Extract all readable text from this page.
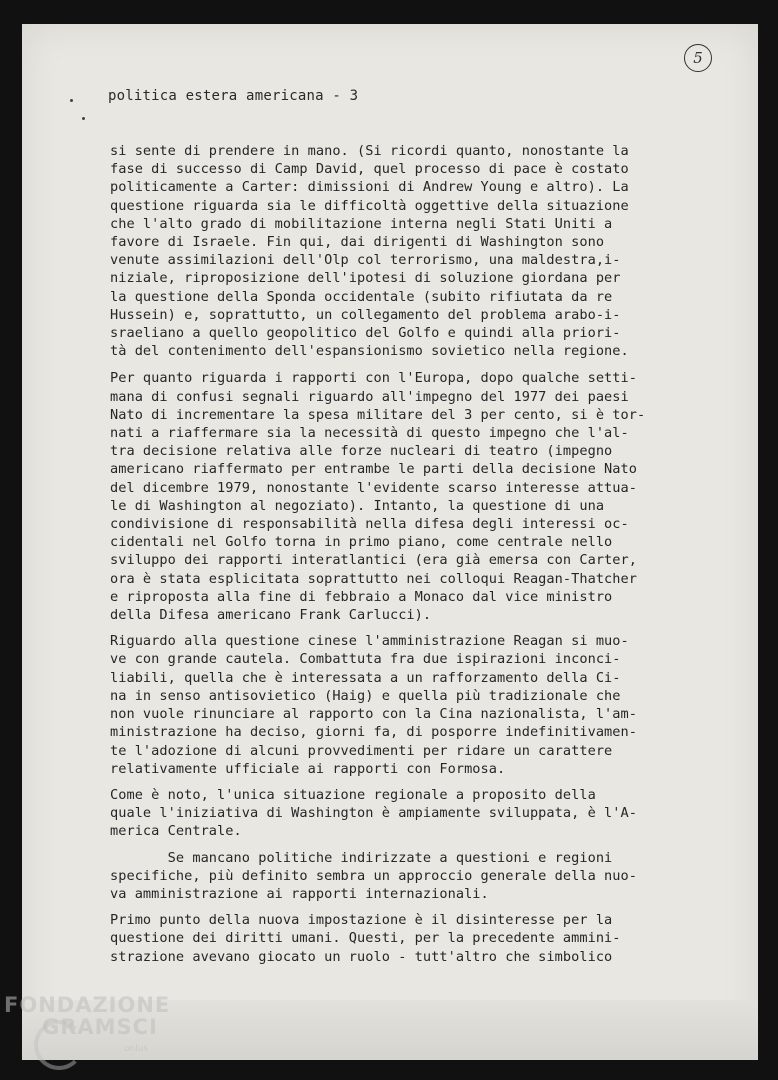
5
politica estera americana - 3
si sente di prendere in mano. (Si ricordi quanto, nonostante la
fase di successo di Camp David, quel processo di pace è costato
politicamente a Carter: dimissioni di Andrew Young e altro). La
questione riguarda sia le difficoltà oggettive della situazione
che l'alto grado di mobilitazione interna negli Stati Uniti a
favore di Israele. Fin qui, dai dirigenti di Washington sono
venute assimilazioni dell'Olp col terrorismo, una maldestra,i-
niziale, riproposizione dell'ipotesi di soluzione giordana per
la questione della Sponda occidentale (subito rifiutata da re
Hussein) e, soprattutto, un collegamento del problema arabo-i-
sraeliano a quello geopolitico del Golfo e quindi alla priori-
tà del contenimento dell'espansionismo sovietico nella regione.
Per quanto riguarda i rapporti con l'Europa, dopo qualche setti-
mana di confusi segnali riguardo all'impegno del 1977 dei paesi
Nato di incrementare la spesa militare del 3 per cento, si è tor-
nati a riaffermare sia la necessità di questo impegno che l'al-
tra decisione relativa alle forze nucleari di teatro (impegno
americano riaffermato per entrambe le parti della decisione Nato
del dicembre 1979, nonostante l'evidente scarso interesse attua-
le di Washington al negoziato). Intanto, la questione di una
condivisione di responsabilità nella difesa degli interessi oc-
cidentali nel Golfo torna in primo piano, come centrale nello
sviluppo dei rapporti interatlantici (era già emersa con Carter,
ora è stata esplicitata soprattutto nei colloqui Reagan-Thatcher
e riproposta alla fine di febbraio a Monaco dal vice ministro
della Difesa americano Frank Carlucci).
Riguardo alla questione cinese l'amministrazione Reagan si muo-
ve con grande cautela. Combattuta fra due ispirazioni inconci-
liabili, quella che è interessata a un rafforzamento della Ci-
na in senso antisovietico (Haig) e quella più tradizionale che
non vuole rinunciare al rapporto con la Cina nazionalista, l'am-
ministrazione ha deciso, giorni fa, di posporre indefinitivamen-
te l'adozione di alcuni provvedimenti per ridare un carattere
relativamente ufficiale ai rapporti con Formosa.
Come è noto, l'unica situazione regionale a proposito della
quale l'iniziativa di Washington è ampiamente sviluppata, è l'A-
merica Centrale.
Se mancano politiche indirizzate a questioni e regioni
specifiche, più definito sembra un approccio generale della nuo-
va amministrazione ai rapporti internazionali.
Primo punto della nuova impostazione è il disinteresse per la
questione dei diritti umani. Questi, per la precedente ammini-
strazione avevano giocato un ruolo - tutt'altro che simbolico
FONDAZIONE
GRAMSCI
onlus
